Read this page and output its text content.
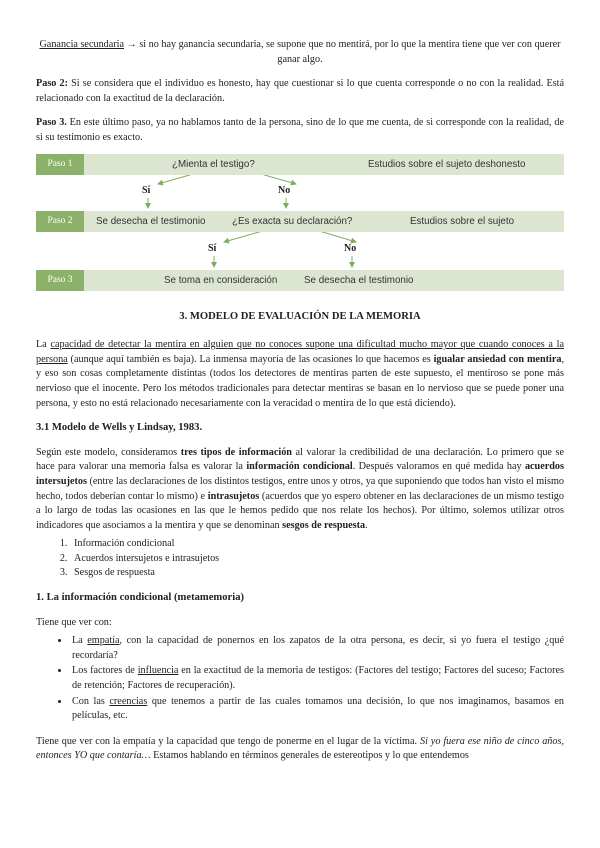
Ganancia secundaria → si no hay ganancia secundaria, se supone que no mentirá, por lo que la mentira tiene que ver con querer ganar algo.

Paso 2: Si se considera que el individuo es honesto, hay que cuestionar si lo que cuenta corresponde o no con la realidad. Está relacionado con la exactitud de la declaración.

Paso 3. En este último paso, ya no hablamos tanto de la persona, sino de lo que me cuenta, de si corresponde con la realidad, de si su testimonio es exacto.

Paso 1	¿Mienta el testigo?	Estudios sobre el sujeto deshonesto
Sí	No
Paso 2	Se desecha el testimonio	¿Es exacta su declaración?	Estudios sobre el sujeto
Sí	No
Paso 3	Se toma en consideración	Se desecha el testimonio

3. MODELO DE EVALUACIÓN DE LA MEMORIA

La capacidad de detectar la mentira en alguien que no conoces supone una dificultad mucho mayor que cuando conoces a la persona (aunque aquí también es baja). La inmensa mayoría de las ocasiones lo que hacemos es igualar ansiedad con mentira, y eso son cosas completamente distintas (todos los detectores de mentiras parten de este supuesto, el mentiroso se pone más nervioso que el inocente. Pero los métodos tradicionales para detectar mentiras se basan en lo nervioso que se puede poner una persona, y esto no está relacionado necesariamente con la veracidad o mentira de lo que está diciendo).

3.1 Modelo de Wells y Lindsay, 1983.

Según este modelo, consideramos tres tipos de información al valorar la credibilidad de una declaración. Lo primero que se hace para valorar una memoria falsa es valorar la información condicional. Después valoramos en qué medida hay acuerdos intersujetos (entre las declaraciones de los distintos testigos, entre unos y otros, ya que suponiendo que todos han visto el mismo hecho, todos deberían contar lo mismo) e intrasujetos (acuerdos que yo espero obtener en las declaraciones de un mismo testigo a lo largo de todas las ocasiones en las que le hemos pedido que nos relate los hechos). Por último, solemos utilizar otros indicadores que asociamos a la mentira y que se denominan sesgos de respuesta.

1. Información condicional
2. Acuerdos intersujetos e intrasujetos
3. Sesgos de respuesta

1. La información condicional (metamemoria)

Tiene que ver con:

• La empatía, con la capacidad de ponernos en los zapatos de la otra persona, es decir, si yo fuera el testigo ¿qué recordaría?
• Los factores de influencia en la exactitud de la memoria de testigos: (Factores del testigo; Factores del suceso; Factores de retención; Factores de recuperación).
• Con las creencias que tenemos a partir de las cuales tomamos una decisión, lo que nos imaginamos, basamos en películas, etc.

Tiene que ver con la empatía y la capacidad que tengo de ponerme en el lugar de la víctima. Si yo fuera ese niño de cinco años, entonces YO que contaría… Estamos hablando en términos generales de estereotipos y lo que entendemos
